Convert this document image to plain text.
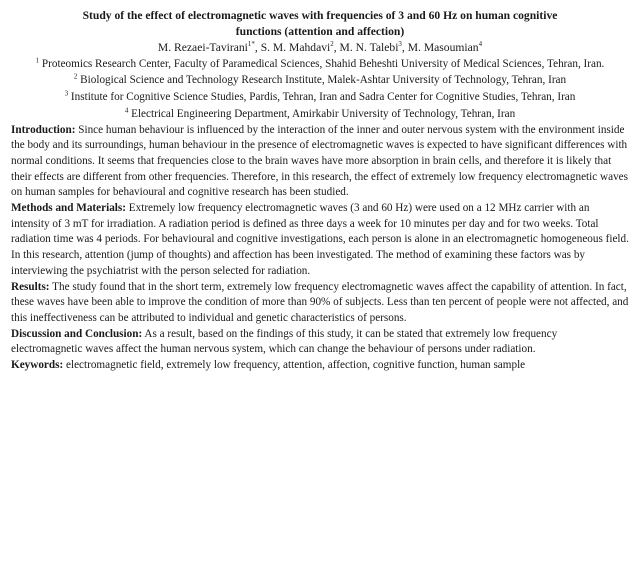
Study of the effect of electromagnetic waves with frequencies of 3 and 60 Hz on human cognitive
functions (attention and affection)
M. Rezaei-Tavirani$^{1*}$, S. M. Mahdavi$^2$, M. N. Talebi$^3$, M. Masoumian$^4$
$^1$ Proteomics Research Center, Faculty of Paramedical Sciences, Shahid Beheshti University of Medical Sciences, Tehran, Iran.
$^2$ Biological Science and Technology Research Institute, Malek-Ashtar University of Technology, Tehran, Iran
$^3$ Institute for Cognitive Science Studies, Pardis, Tehran, Iran and Sadra Center for Cognitive Studies, Tehran, Iran
$^4$ Electrical Engineering Department, Amirkabir University of Technology, Tehran, Iran

Introduction: Since human behaviour is influenced by the interaction of the inner and outer nervous system with the environment inside the body and its surroundings, human behaviour in the presence of electromagnetic waves is expected to have significant differences with normal conditions. It seems that frequencies close to the brain waves have more absorption in brain cells, and therefore it is likely that their effects are different from other frequencies. Therefore, in this research, the effect of extremely low frequency electromagnetic waves on human samples for behavioural and cognitive research has been studied.

Methods and Materials: Extremely low frequency electromagnetic waves (3 and 60 Hz) were used on a 12 MHz carrier with an intensity of 3 mT for irradiation. A radiation period is defined as three days a week for 10 minutes per day and for two weeks. Total radiation time was 4 periods. For behavioural and cognitive investigations, each person is alone in an electromagnetic homogeneous field. In this research, attention (jump of thoughts) and affection has been investigated. The method of examining these factors was by interviewing the psychiatrist with the person selected for radiation.

Results: The study found that in the short term, extremely low frequency electromagnetic waves affect the capability of attention. In fact, these waves have been able to improve the condition of more than 90% of subjects. Less than ten percent of people were not affected, and this ineffectiveness can be attributed to individual and genetic characteristics of persons.

Discussion and Conclusion: As a result, based on the findings of this study, it can be stated that extremely low frequency electromagnetic waves affect the human nervous system, which can change the behaviour of persons under radiation.

Keywords: electromagnetic field, extremely low frequency, attention, affection, cognitive function, human sample
